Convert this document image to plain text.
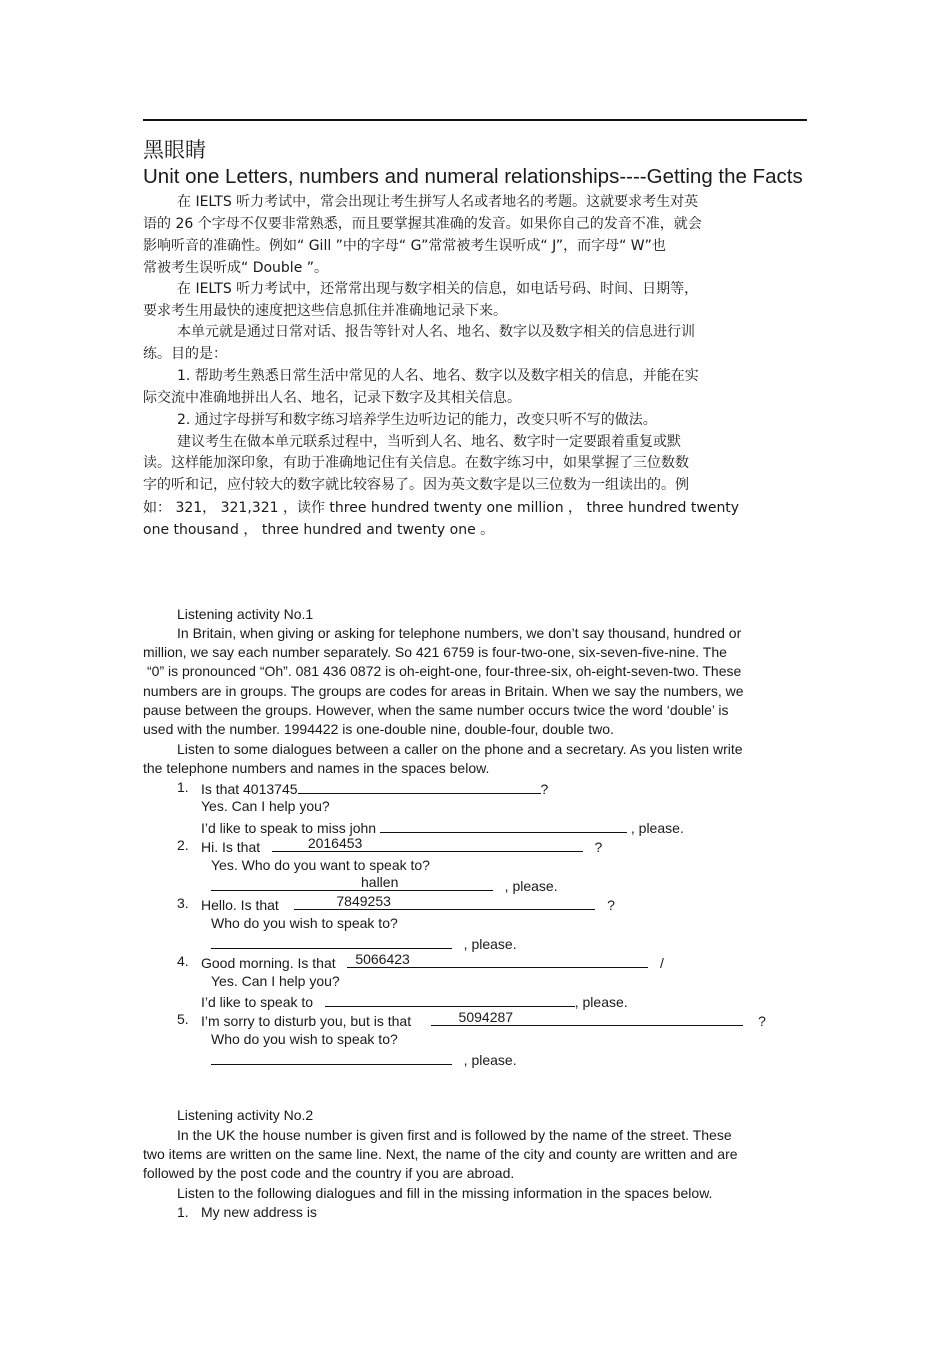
黑眼睛
Unit one Letters, numbers and numeral relationships----Getting the Facts
在 IELTS 听力考试中，常会出现让考生拼写人名或者地名的考题。这就要求考生对英
语的 26 个字母不仅要非常熟悉，而且要掌握其准确的发音。如果你自己的发音不准，就会
影响听音的准确性。例如“ Gill ”中的字母“ G”常常被考生误听成“ J”，而字母“ W”也
常被考生误听成“ Double ”。
在 IELTS 听力考试中，还常常出现与数字相关的信息，如电话号码、时间、日期等，
要求考生用最快的速度把这些信息抓住并准确地记录下来。
本单元就是通过日常对话、报告等针对人名、地名、数字以及数字相关的信息进行训
练。目的是：
1. 帮助考生熟悉日常生活中常见的人名、地名、数字以及数字相关的信息，并能在实
际交流中准确地拼出人名、地名，记录下数字及其相关信息。
2. 通过字母拼写和数字练习培养学生边听边记的能力，改变只听不写的做法。
建议考生在做本单元联系过程中，当听到人名、地名、数字时一定要跟着重复或默
读。这样能加深印象，有助于准确地记住有关信息。在数字练习中，如果掌握了三位数数
字的听和记，应付较大的数字就比较容易了。因为英文数字是以三位数为一组读出的。例
如： 321， 321,321 ，读作 three hundred twenty one million ， three hundred twenty
one thousand ， three hundred and twenty one 。
Listening activity No.1
In Britain, when giving or asking for telephone numbers, we don’t say thousand, hundred or
million, we say each number separately. So 421 6759 is four-two-one, six-seven-five-nine. The
“0” is pronounced “Oh”. 081 436 0872 is oh-eight-one, four-three-six, oh-eight-seven-two. These
numbers are in groups. The groups are codes for areas in Britain. When we say the numbers, we
pause between the groups. However, when the same number occurs twice the word ‘double’ is
used with the number. 1994422 is one-double nine, double-four, double two.
Listen to some dialogues between a caller on the phone and a secretary. As you listen write
the telephone numbers and names in the spaces below.
1. Is that 4013745	?
Yes. Can I help you?
I’d like to speak to miss john	, please.
2. Hi. Is that	2016453	?
Yes. Who do you want to speak to?
hallen	, please.
3. Hello. Is that	7849253	?
Who do you wish to speak to?
, please.
4. Good morning. Is that 5066423	/
Yes. Can I help you?
I’d like to speak to	, please.
5. I’m sorry to disturb you, but is that	5094287	?
Who do you wish to speak to?
, please.
Listening activity No.2
In the UK the house number is given first and is followed by the name of the street. These
two items are written on the same line. Next, the name of the city and county are written and are
followed by the post code and the country if you are abroad.
Listen to the following dialogues and fill in the missing information in the spaces below.
1. My new address is
